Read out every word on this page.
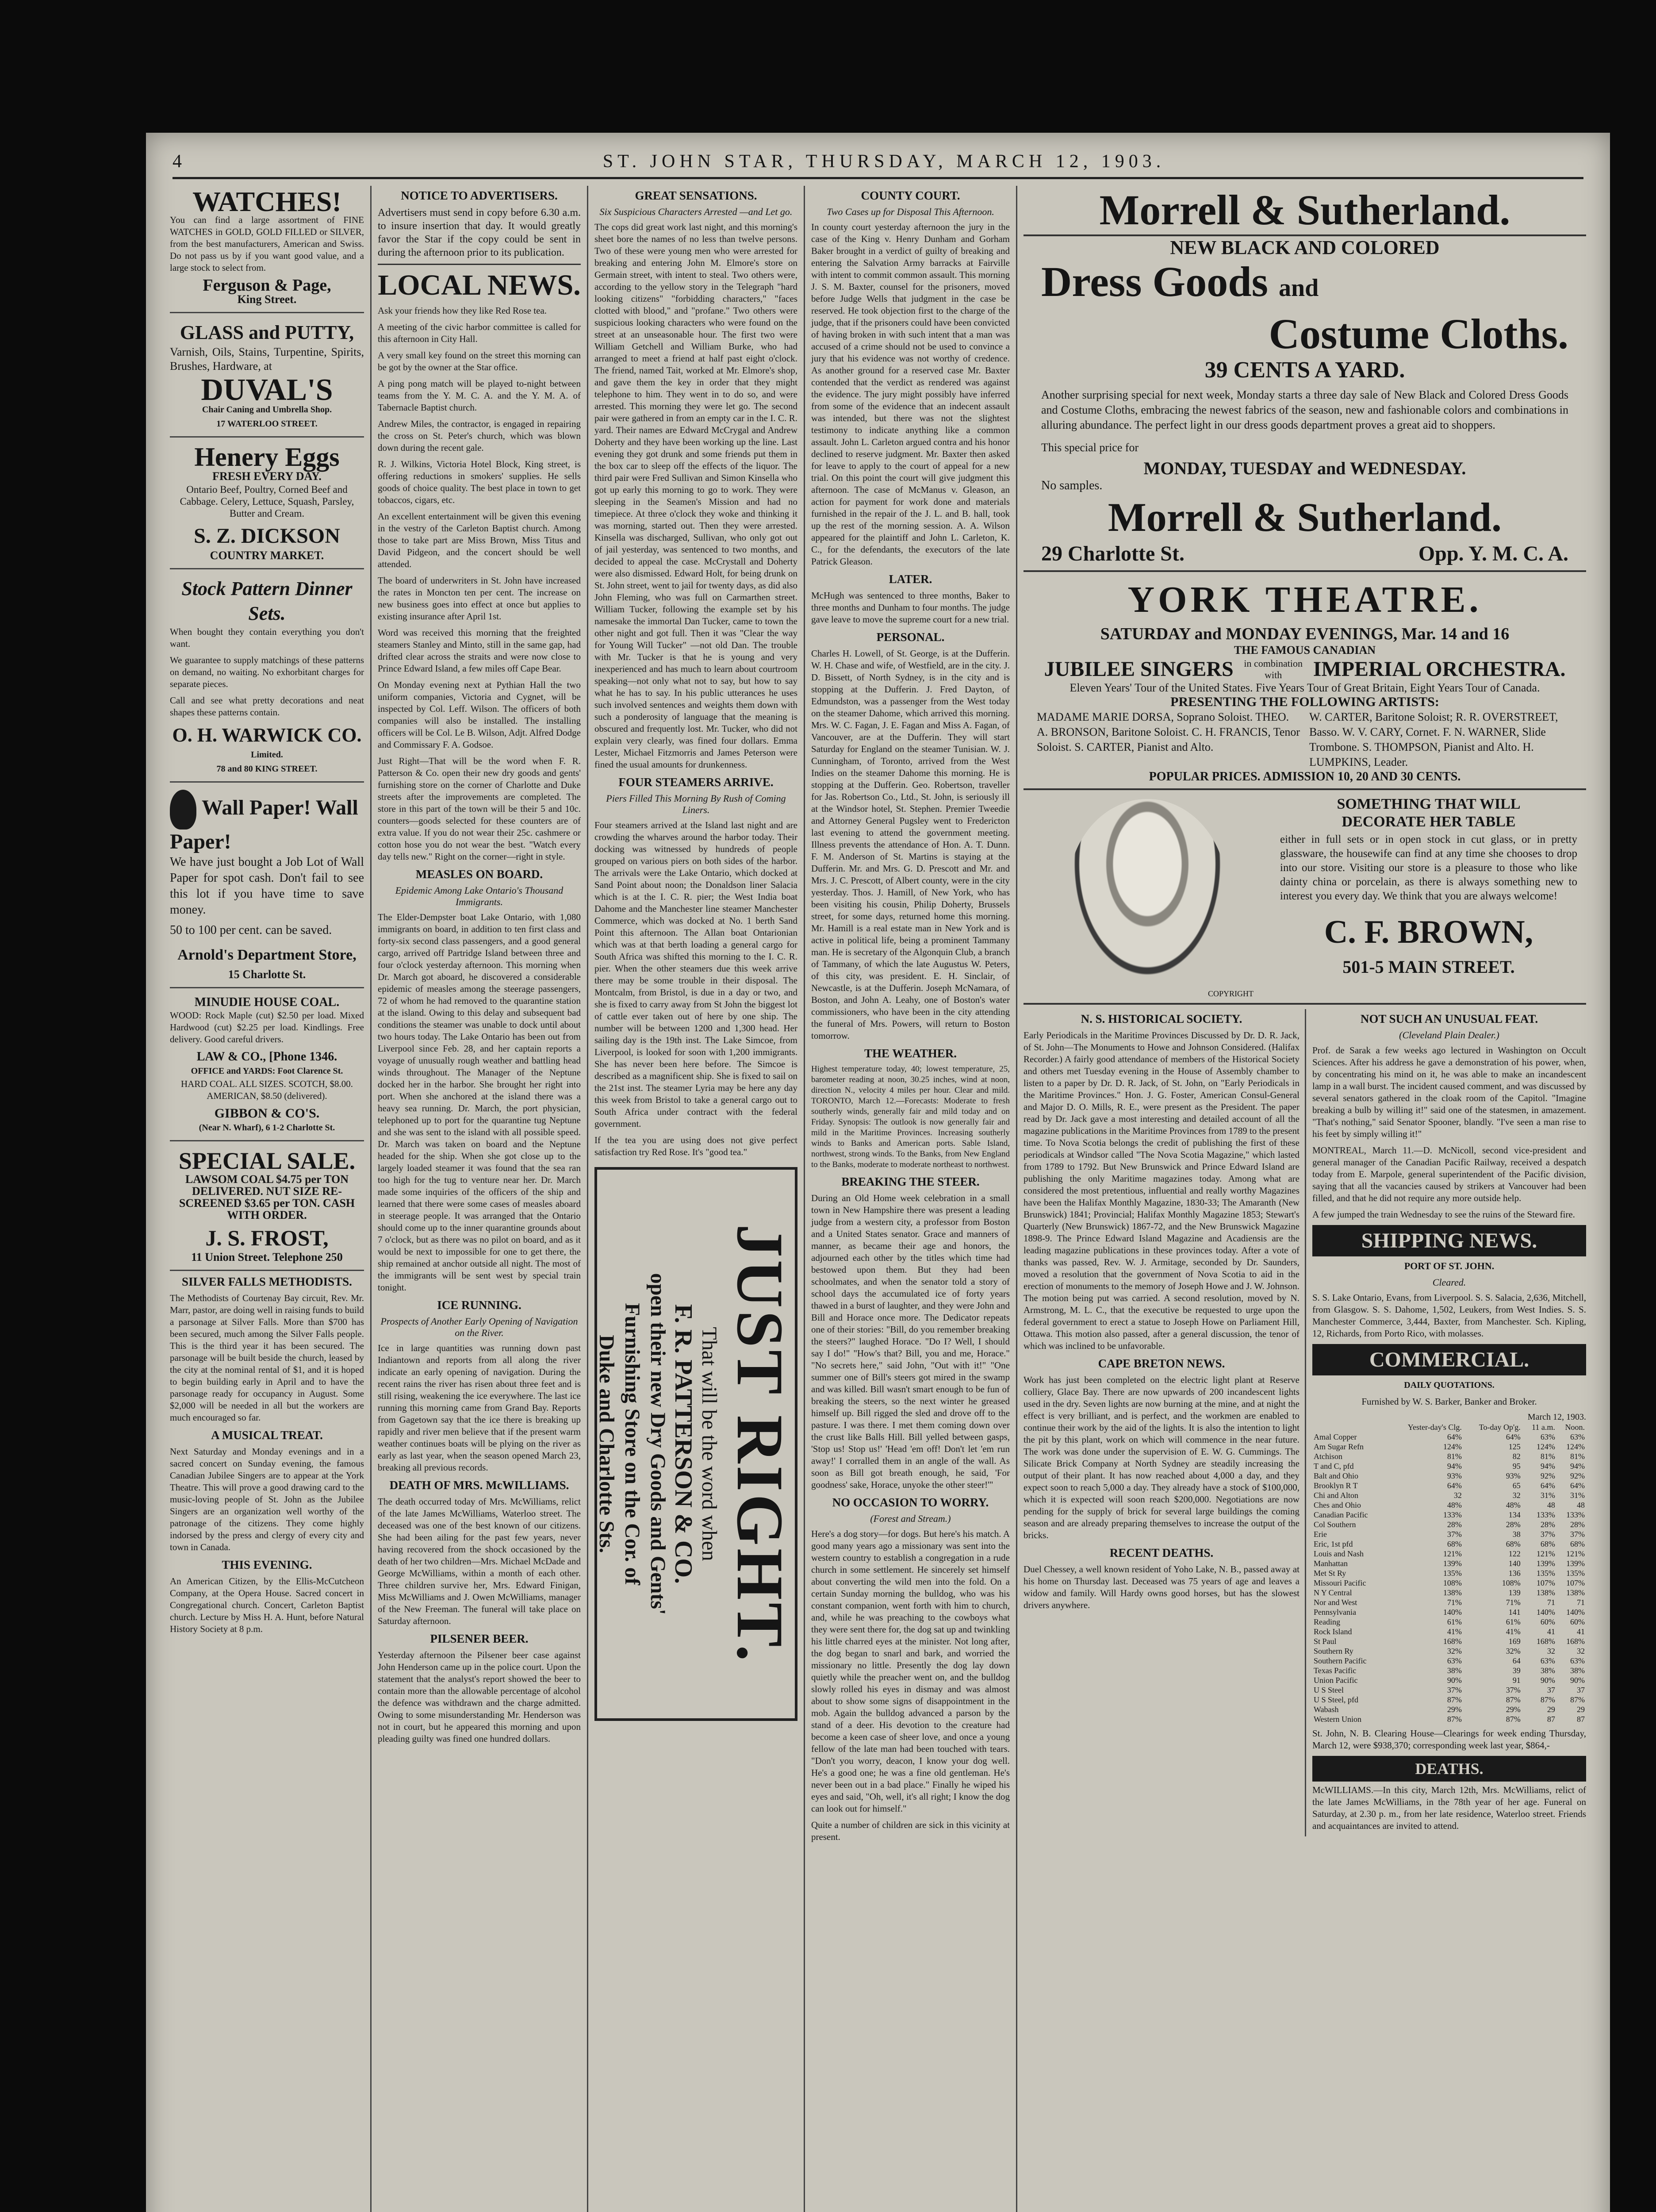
4	ST. JOHN STAR, THURSDAY, MARCH 12, 1903.
WATCHES!

You can find a large assortment of FINE WATCHES in GOLD, GOLD FILLED or SILVER, from the best manufacturers, American and Swiss. Do not pass us by if you want good value, and a large stock to select from.

Ferguson & Page,
King Street.
GLASS and PUTTY,

Varnish, Oils, Stains, Turpentine, Spirits, Brushes, Hardware, at

DUVAL'S
Chair Caning and Umbrella Shop.
17 WATERLOO STREET.
Henery Eggs
FRESH EVERY DAY.

Ontario Beef, Poultry, Corned Beef and Cabbage. Celery, Lettuce, Squash, Parsley, Butter and Cream.

S. Z. DICKSON
COUNTRY MARKET.
Stock Pattern Dinner Sets.

When bought they contain everything you don't want.

We guarantee to supply matchings of these patterns on demand, no waiting. No exhorbitant charges for separate pieces.

Call and see what pretty decorations and neat shapes these patterns contain.

O. H. WARWICK CO.
Limited.
78 and 80 KING STREET.
Wall Paper! Wall Paper!

We have just bought a Job Lot of Wall Paper for spot cash. Don't fail to see this lot if you have time to save money.

50 to 100 per cent. can be saved.

Arnold's Department Store,
15 Charlotte St.
MINUDIE HOUSE COAL.

WOOD: Rock Maple (cut) $2.50 per load. Mixed Hardwood (cut) $2.25 per load. Kindlings. Free delivery. Good careful drivers.

LAW & CO., [Phone 1346.
OFFICE and YARDS: Foot Clarence St.

HARD COAL. ALL SIZES. SCOTCH, $8.00. AMERICAN, $8.50 (delivered).

GIBBON & CO'S.
(Near N. Wharf), 6 1-2 Charlotte St.
SPECIAL SALE.

LAWSOM COAL $4.75 per TON DELIVERED. NUT SIZE RE-SCREENED $3.65 per TON. CASH WITH ORDER.

J. S. FROST,
11 Union Street. Telephone 250
SILVER FALLS METHODISTS.

The Methodists of Courtenay Bay circuit, Rev. Mr. Marr, pastor, are doing well in raising funds to build a parsonage at Silver Falls. More than $700 has been secured, much among the Silver Falls people. This is the third year it has been secured. The parsonage will be built beside the church, leased by the city at the nominal rental of $1, and it is hoped to begin building early in April and to have the parsonage ready for occupancy in August. Some $2,000 will be needed in all but the workers are much encouraged so far.

A MUSICAL TREAT.

Next Saturday and Monday evenings and in a sacred concert on Sunday evening, the famous Canadian Jubilee Singers are to appear at the York Theatre. This will prove a good drawing card to the music-loving people of St. John as the Jubilee Singers are an organization well worthy of the patronage of the citizens. They come highly indorsed by the press and clergy of every city and town in Canada.

THIS EVENING.

An American Citizen, by the Ellis-McCutcheon Company, at the Opera House. Sacred concert in Congregational church. Concert, Carleton Baptist church. Lecture by Miss H. A. Hunt, before Natural History Society at 8 p.m.

NOTICE TO ADVERTISERS.

Advertisers must send in copy before 6.30 a.m. to insure insertion that day. It would greatly favor the Star if the copy could be sent in during the afternoon prior to its publication.

LOCAL NEWS.

Ask your friends how they like Red Rose tea.

A meeting of the civic harbor committee is called for this afternoon in City Hall.

A very small key found on the street this morning can be got by the owner at the Star office.

A ping pong match will be played to-night between teams from the Y. M. C. A. and the Y. M. A. of Tabernacle Baptist church.

Andrew Miles, the contractor, is engaged in repairing the cross on St. Peter's church, which was blown down during the recent gale.

R. J. Wilkins, Victoria Hotel Block, King street, is offering reductions in smokers' supplies. He sells goods of choice quality. The best place in town to get tobaccos, cigars, etc.

An excellent entertainment will be given this evening in the vestry of the Carleton Baptist church. Among those to take part are Miss Brown, Miss Titus and David Pidgeon, and the concert should be well attended.

The board of underwriters in St. John have increased the rates in Moncton ten per cent. The increase on new business goes into effect at once but applies to existing insurance after April 1st.

Word was received this morning that the freighted steamers Stanley and Minto, still in the same gap, had drifted clear across the straits and were now close to Prince Edward Island, a few miles off Cape Bear.

On Monday evening next at Pythian Hall the two uniform companies, Victoria and Cygnet, will be inspected by Col. Leff. Wilson. The officers of both companies will also be installed. The installing officers will be Col. Le B. Wilson, Adjt. Alfred Dodge and Commissary F. A. Godsoe.

Just Right—That will be the word when F. R. Patterson & Co. open their new dry goods and gents' furnishing store on the corner of Charlotte and Duke streets after the improvements are completed. The store in this part of the town will be their 5 and 10c. counters—goods selected for these counters are of extra value. If you do not wear their 25c. cashmere or cotton hose you do not wear the best. "Watch every day tells new." Right on the corner—right in style.

MEASLES ON BOARD.
Epidemic Among Lake Ontario's Thousand Immigrants.

The Elder-Dempster boat Lake Ontario, with 1,080 immigrants on board, in addition to ten first class and forty-six second class passengers, and a good general cargo, arrived off Partridge Island between three and four o'clock yesterday afternoon. This morning when Dr. March got aboard, he discovered a considerable epidemic of measles among the steerage passengers, 72 of whom he had removed to the quarantine station at the island. Owing to this delay and subsequent bad conditions the steamer was unable to dock until about two hours today. The Lake Ontario has been out from Liverpool since Feb. 28, and her captain reports a voyage of unusually rough weather and battling head winds throughout. The Manager of the Neptune docked her in the harbor. She brought her right into port. When she anchored at the island there was a heavy sea running. Dr. March, the port physician, telephoned up to port for the quarantine tug Neptune and she was sent to the island with all possible speed. Dr. March was taken on board and the Neptune headed for the ship. When she got close up to the largely loaded steamer it was found that the sea ran too high for the tug to venture near her. Dr. March made some inquiries of the officers of the ship and learned that there were some cases of measles aboard in steerage people. It was arranged that the Ontario should come up to the inner quarantine grounds about 7 o'clock, but as there was no pilot on board, and as it would be next to impossible for one to get there, the ship remained at anchor outside all night. The most of the immigrants will be sent west by special train tonight.

ICE RUNNING.
Prospects of Another Early Opening of Navigation on the River.

Ice in large quantities was running down past Indiantown and reports from all along the river indicate an early opening of navigation. During the recent rains the river has risen about three feet and is still rising, weakening the ice everywhere. The last ice running this morning came from Grand Bay. Reports from Gagetown say that the ice there is breaking up rapidly and river men believe that if the present warm weather continues boats will be plying on the river as early as last year, when the season opened March 23, breaking all previous records.

DEATH OF MRS. McWILLIAMS.

The death occurred today of Mrs. McWilliams, relict of the late James McWilliams, Waterloo street. The deceased was one of the best known of our citizens. She had been ailing for the past few years, never having recovered from the shock occasioned by the death of her two children—Mrs. Michael McDade and George McWilliams, within a month of each other. Three children survive her, Mrs. Edward Finigan, Miss McWilliams and J. Owen McWilliams, manager of the New Freeman. The funeral will take place on Saturday afternoon.

PILSENER BEER.

Yesterday afternoon the Pilsener beer case against John Henderson came up in the police court. Upon the statement that the analyst's report showed the beer to contain more than the allowable percentage of alcohol the defence was withdrawn and the charge admitted. Owing to some misunderstanding Mr. Henderson was not in court, but he appeared this morning and upon pleading guilty was fined one hundred dollars.

GREAT SENSATIONS.
Six Suspicious Characters Arrested —and Let go.

The cops did great work last night, and this morning's sheet bore the names of no less than twelve persons. Two of these were young men who were arrested for breaking and entering John M. Elmore's store on Germain street, with intent to steal. Two others were, according to the yellow story in the Telegraph "hard looking citizens" "forbidding characters," "faces clotted with blood," and "profane." Two others were suspicious looking characters who were found on the street at an unseasonable hour. The first two were William Getchell and William Burke, who had arranged to meet a friend at half past eight o'clock. The friend, named Tait, worked at Mr. Elmore's shop, and gave them the key in order that they might telephone to him. They went in to do so, and were arrested. This morning they were let go. The second pair were gathered in from an empty car in the I. C. R. yard. Their names are Edward McCrygal and Andrew Doherty and they have been working up the line. Last evening they got drunk and some friends put them in the box car to sleep off the effects of the liquor. The third pair were Fred Sullivan and Simon Kinsella who got up early this morning to go to work. They were sleeping in the Seamen's Mission and had no timepiece. At three o'clock they woke and thinking it was morning, started out. Then they were arrested. Kinsella was discharged, Sullivan, who only got out of jail yesterday, was sentenced to two months, and decided to appeal the case. McCrystall and Doherty were also dismissed. Edward Holt, for being drunk on St. John street, went to jail for twenty days, as did also John Fleming, who was full on Carmarthen street. William Tucker, following the example set by his namesake the immortal Dan Tucker, came to town the other night and got full. Then it was "Clear the way for Young Will Tucker" —not old Dan. The trouble with Mr. Tucker is that he is young and very inexperienced and has much to learn about courtroom speaking—not only what not to say, but how to say what he has to say. In his public utterances he uses such involved sentences and weights them down with such a ponderosity of language that the meaning is obscured and frequently lost. Mr. Tucker, who did not explain very clearly, was fined four dollars. Emma Lester, Michael Fitzmorris and James Peterson were fined the usual amounts for drunkenness.

FOUR STEAMERS ARRIVE.
Piers Filled This Morning By Rush of Coming Liners.

Four steamers arrived at the Island last night and are crowding the wharves around the harbor today. Their docking was witnessed by hundreds of people grouped on various piers on both sides of the harbor. The arrivals were the Lake Ontario, which docked at Sand Point about noon; the Donaldson liner Salacia which is at the I. C. R. pier; the West India boat Dahome and the Manchester line steamer Manchester Commerce, which was docked at No. 1 berth Sand Point this afternoon. The Allan boat Ontarionian which was at that berth loading a general cargo for South Africa was shifted this morning to the I. C. R. pier. When the other steamers due this week arrive there may be some trouble in their disposal. The Montcalm, from Bristol, is due in a day or two, and she is fixed to carry away from St John the biggest lot of cattle ever taken out of here by one ship. The number will be between 1200 and 1,300 head. Her sailing day is the 19th inst. The Lake Simcoe, from Liverpool, is looked for soon with 1,200 immigrants. She has never been here before. The Simcoe is described as a magnificent ship. She is fixed to sail on the 21st inst. The steamer Lyria may be here any day this week from Bristol to take a general cargo out to South Africa under contract with the federal government.

If the tea you are using does not give perfect satisfaction try Red Rose. It's "good tea."

JUST RIGHT.
That will be the word when
F. R. PATTERSON & CO.
open their new Dry Goods and Gents'
Furnishing Store on the Cor. of
Duke and Charlotte Sts.
COUNTY COURT.
Two Cases up for Disposal This Afternoon.

In county court yesterday afternoon the jury in the case of the King v. Henry Dunham and Gorham Baker brought in a verdict of guilty of breaking and entering the Salvation Army barracks at Fairville with intent to commit common assault. This morning J. S. M. Baxter, counsel for the prisoners, moved before Judge Wells that judgment in the case be reserved. He took objection first to the charge of the judge, that if the prisoners could have been convicted of having broken in with such intent that a man was accused of a crime should not be used to convince a jury that his evidence was not worthy of credence. As another ground for a reserved case Mr. Baxter contended that the verdict as rendered was against the evidence. The jury might possibly have inferred from some of the evidence that an indecent assault was intended, but there was not the slightest testimony to indicate anything like a common assault. John L. Carleton argued contra and his honor declined to reserve judgment. Mr. Baxter then asked for leave to apply to the court of appeal for a new trial. On this point the court will give judgment this afternoon. The case of McManus v. Gleason, an action for payment for work done and materials furnished in the repair of the J. L. and B. hall, took up the rest of the morning session. A. A. Wilson appeared for the plaintiff and John L. Carleton, K. C., for the defendants, the executors of the late Patrick Gleason.

LATER.

McHugh was sentenced to three months, Baker to three months and Dunham to four months. The judge gave leave to move the supreme court for a new trial.

PERSONAL.

Charles H. Lowell, of St. George, is at the Dufferin. W. H. Chase and wife, of Westfield, are in the city. J. D. Bissett, of North Sydney, is in the city and is stopping at the Dufferin. J. Fred Dayton, of Edmundston, was a passenger from the West today on the steamer Dahome, which arrived this morning. Mrs. W. C. Fagan, J. E. Fagan and Miss A. Fagan, of Vancouver, are at the Dufferin. They will start Saturday for England on the steamer Tunisian. W. J. Cunningham, of Toronto, arrived from the West Indies on the steamer Dahome this morning. He is stopping at the Dufferin. Geo. Robertson, traveller for Jas. Robertson Co., Ltd., St. John, is seriously ill at the Windsor hotel, St. Stephen. Premier Tweedie and Attorney General Pugsley went to Fredericton last evening to attend the government meeting. Illness prevents the attendance of Hon. A. T. Dunn. F. M. Anderson of St. Martins is staying at the Dufferin. Mr. and Mrs. G. D. Prescott and Mr. and Mrs. J. C. Prescott, of Albert county, were in the city yesterday. Thos. J. Hamill, of New York, who has been visiting his cousin, Philip Doherty, Brussels street, for some days, returned home this morning. Mr. Hamill is a real estate man in New York and is active in political life, being a prominent Tammany man. He is secretary of the Algonquin Club, a branch of Tammany, of which the late Augustus W. Peters, of this city, was president. E. H. Sinclair, of Newcastle, is at the Dufferin. Joseph McNamara, of Boston, and John A. Leahy, one of Boston's water commissioners, who have been in the city attending the funeral of Mrs. Powers, will return to Boston tomorrow.

THE WEATHER.

Highest temperature today, 40; lowest temperature, 25, barometer reading at noon, 30.25 inches, wind at noon, direction N., velocity 4 miles per hour. Clear and mild. TORONTO, March 12.—Forecasts: Moderate to fresh southerly winds, generally fair and mild today and on Friday. Synopsis: The outlook is now generally fair and mild in the Maritime Provinces. Increasing southerly winds to Banks and American ports. Sable Island, northwest, strong winds. To the Banks, from New England to the Banks, moderate to moderate northeast to northwest.

BREAKING THE STEER.

During an Old Home week celebration in a small town in New Hampshire there was present a leading judge from a western city, a professor from Boston and a United States senator. Grace and manners of manner, as became their age and honors, the adjourned each other by the titles which time had bestowed upon them. But they had been schoolmates, and when the senator told a story of school days the accumulated ice of forty years thawed in a burst of laughter, and they were John and Bill and Horace once more. The Dedicator repeats one of their stories: "Bill, do you remember breaking the steers?" laughed Horace. "Do I? Well, I should say I do!" "How's that? Bill, you and me, Horace." "No secrets here," said John, "Out with it!" "One summer one of Bill's steers got mired in the swamp and was killed. Bill wasn't smart enough to be fun of breaking the steers, so the next winter he greased himself up. Bill rigged the sled and drove off to the pasture. I was there. I met them coming down over the crust like Balls Hill. Bill yelled between gasps, 'Stop us! Stop us!' 'Head 'em off! Don't let 'em run away!' I corralled them in an angle of the wall. As soon as Bill got breath enough, he said, 'For goodness' sake, Horace, unyoke the other steer!'"

NO OCCASION TO WORRY.
(Forest and Stream.)

Here's a dog story—for dogs. But here's his match. A good many years ago a missionary was sent into the western country to establish a congregation in a rude church in some settlement. He sincerely set himself about converting the wild men into the fold. On a certain Sunday morning the bulldog, who was his constant companion, went forth with him to church, and, while he was preaching to the cowboys what they were sent there for, the dog sat up and twinkling his little charred eyes at the minister. Not long after, the dog began to snarl and bark, and worried the missionary no little. Presently the dog lay down quietly while the preacher went on, and the bulldog slowly rolled his eyes in dismay and was almost about to show some signs of disappointment in the mob. Again the bulldog advanced a parson by the stand of a deer. His devotion to the creature had become a keen case of sheer love, and once a young fellow of the late man had been touched with tears. "Don't you worry, deacon, I know your dog well. He's a good one; he was a fine old gentleman. He's never been out in a bad place." Finally he wiped his eyes and said, "Oh, well, it's all right; I know the dog can look out for himself."

Quite a number of children are sick in this vicinity at present.

Morrell & Sutherland.
NEW BLACK AND COLORED
Dress Goods and
Costume Cloths.
39 CENTS A YARD.

Another surprising special for next week, Monday starts a three day sale of New Black and Colored Dress Goods and Costume Cloths, embracing the newest fabrics of the season, new and fashionable colors and combinations in alluring abundance. The perfect light in our dress goods department proves a great aid to shoppers.

This special price for

MONDAY, TUESDAY and WEDNESDAY.
No samples.
Morrell & Sutherland.
29 Charlotte St.	Opp. Y. M. C. A.
YORK THEATRE.
SATURDAY and MONDAY EVENINGS, Mar. 14 and 16
THE FAMOUS CANADIAN
JUBILEE SINGERS in combination with	IMPERIAL ORCHESTRA.
Eleven Years' Tour of the United States. Five Years Tour of Great Britain, Eight Years Tour of Canada.
PRESENTING THE FOLLOWING ARTISTS:
MADAME MARIE DORSA, Soprano Soloist. THEO. A. BRONSON, Baritone Soloist. C. H. FRANCIS, Tenor Soloist. S. CARTER, Pianist and Alto.
W. CARTER, Baritone Soloist; R. R. OVERSTREET, Basso. W. V. CARY, Cornet. F. N. WARNER, Slide Trombone. S. THOMPSON, Pianist and Alto. H. LUMPKINS, Leader.
POPULAR PRICES. ADMISSION 10, 20 AND 30 CENTS.
COPYRIGHT
SOMETHING THAT WILL
DECORATE HER TABLE

either in full sets or in open stock in cut glass, or in pretty glassware, the housewife can find at any time she chooses to drop into our store. Visiting our store is a pleasure to those who like dainty china or porcelain, as there is always something new to interest you every day. We think that you are always welcome!

C. F. BROWN,
501-5 MAIN STREET.
N. S. HISTORICAL SOCIETY.

Early Periodicals in the Maritime Provinces Discussed by Dr. D. R. Jack, of St. John—The Monuments to Howe and Johnson Considered. (Halifax Recorder.) A fairly good attendance of members of the Historical Society and others met Tuesday evening in the House of Assembly chamber to listen to a paper by Dr. D. R. Jack, of St. John, on "Early Periodicals in the Maritime Provinces." Hon. J. G. Foster, American Consul-General and Major D. O. Mills, R. E., were present as the President. The paper read by Dr. Jack gave a most interesting and detailed account of all the magazine publications in the Maritime Provinces from 1789 to the present time. To Nova Scotia belongs the credit of publishing the first of these periodicals at Windsor called "The Nova Scotia Magazine," which lasted from 1789 to 1792. But New Brunswick and Prince Edward Island are publishing the only Maritime magazines today. Among what are considered the most pretentious, influential and really worthy Magazines have been the Halifax Monthly Magazine, 1830-33; The Amaranth (New Brunswick) 1841; Provincial; Halifax Monthly Magazine 1853; Stewart's Quarterly (New Brunswick) 1867-72, and the New Brunswick Magazine 1898-9. The Prince Edward Island Magazine and Acadiensis are the leading magazine publications in these provinces today. After a vote of thanks was passed, Rev. W. J. Armitage, seconded by Dr. Saunders, moved a resolution that the government of Nova Scotia to aid in the erection of monuments to the memory of Joseph Howe and J. W. Johnson. The motion being put was carried. A second resolution, moved by N. Armstrong, M. L. C., that the executive be requested to urge upon the federal government to erect a statue to Joseph Howe on Parliament Hill, Ottawa. This motion also passed, after a general discussion, the tenor of which was inclined to be unfavorable.

CAPE BRETON NEWS.

Work has just been completed on the electric light plant at Reserve colliery, Glace Bay. There are now upwards of 200 incandescent lights used in the dry. Seven lights are now burning at the mine, and at night the effect is very brilliant, and is perfect, and the workmen are enabled to continue their work by the aid of the lights. It is also the intention to light the pit by this plant, work on which will commence in the near future. The work was done under the supervision of E. W. G. Cummings. The Silicate Brick Company at North Sydney are steadily increasing the output of their plant. It has now reached about 4,000 a day, and they expect soon to reach 5,000 a day. They already have a stock of $100,000, which it is expected will soon reach $200,000. Negotiations are now pending for the supply of brick for several large buildings the coming season and are already preparing themselves to increase the output of the bricks.

RECENT DEATHS.

Duel Chessey, a well known resident of Yoho Lake, N. B., passed away at his home on Thursday last. Deceased was 75 years of age and leaves a widow and family. Will Hardy owns good horses, but has the slowest drivers anywhere.

NOT SUCH AN UNUSUAL FEAT.
(Cleveland Plain Dealer.)

Prof. de Sarak a few weeks ago lectured in Washington on Occult Sciences. After his address he gave a demonstration of his power, when, by concentrating his mind on it, he was able to make an incandescent lamp in a wall burst. The incident caused comment, and was discussed by several senators gathered in the cloak room of the Capitol. "Imagine breaking a bulb by willing it!" said one of the statesmen, in amazement. "That's nothing," said Senator Spooner, blandly. "I've seen a man rise to his feet by simply willing it!"

MONTREAL, March 11.—D. McNicoll, second vice-president and general manager of the Canadian Pacific Railway, received a despatch today from E. Marpole, general superintendent of the Pacific division, saying that all the vacancies caused by strikers at Vancouver had been filled, and that he did not require any more outside help.

A few jumped the train Wednesday to see the ruins of the Steward fire.

SHIPPING NEWS.
PORT OF ST. JOHN.
Cleared.

S. S. Lake Ontario, Evans, from Liverpool. S. S. Salacia, 2,636, Mitchell, from Glasgow. S. S. Dahome, 1,502, Leukers, from West Indies. S. S. Manchester Commerce, 3,444, Baxter, from Manchester. Sch. Kipling, 12, Richards, from Porto Rico, with molasses.

COMMERCIAL.
DAILY QUOTATIONS.

Furnished by W. S. Barker, Banker and Broker.

March 12, 1903.
	Yester-day's Clg.	To-day Op'g.	11 a.m.	Noon.
Amal Copper	64%	64%	63%	63%
Am Sugar Refn	124%	125	124%	124%
Atchison	81%	82	81%	81%
T and C, pfd	94%	95	94%	94%
Balt and Ohio	93%	93%	92%	92%
Brooklyn R T	64%	65	64%	64%
Chi and Alton	32	32	31%	31%
Ches and Ohio	48%	48%	48	48
Canadian Pacific	133%	134	133%	133%
Col Southern	28%	28%	28%	28%
Erie	37%	38	37%	37%
Eric, 1st pfd	68%	68%	68%	68%
Louis and Nash	121%	122	121%	121%
Manhattan	139%	140	139%	139%
Met St Ry	135%	136	135%	135%
Missouri Pacific	108%	108%	107%	107%
N Y Central	138%	139	138%	138%
Nor and West	71%	71%	71	71
Pennsylvania	140%	141	140%	140%
Reading	61%	61%	60%	60%
Rock Island	41%	41%	41	41
St Paul	168%	169	168%	168%
Southern Ry	32%	32%	32	32
Southern Pacific	63%	64	63%	63%
Texas Pacific	38%	39	38%	38%
Union Pacific	90%	91	90%	90%
U S Steel	37%	37%	37	37
U S Steel, pfd	87%	87%	87%	87%
Wabash	29%	29%	29	29
Western Union	87%	87%	87	87

St. John, N. B. Clearing House—Clearings for week ending Thursday, March 12, were $938,370; corresponding week last year, $864,-

DEATHS.

McWILLIAMS.—In this city, March 12th, Mrs. McWilliams, relict of the late James McWilliams, in the 78th year of her age. Funeral on Saturday, at 2.30 p. m., from her late residence, Waterloo street. Friends and acquaintances are invited to attend.
